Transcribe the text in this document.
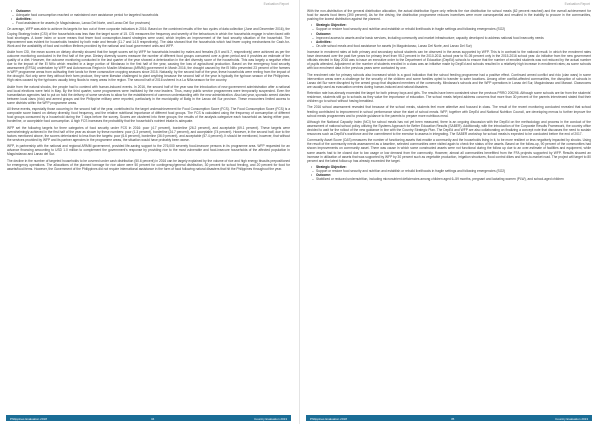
Evaluation Report
• Outcome:
– Adequate food consumption reached or maintained over assistance period for targeted households
• Activities:
– Food assistance for assets (in Maguindanao, Lanao Del Norte, and Lanao Del Sur provinces)

On average, WFP was able to achieve its targets for two out of three corporate indicators in 2016. Based on the combined results of the two cycles of data collection (June and December 2016), the Coping Strategy Index (CSI) of the households was less than the target score of 15. CSI measures the frequency and severity of the behaviours in which the households engage in when faced with food shortages. A lower index or score means that fewer food consumption-based strategies were used, which implies an improvement of the food security situation of the household. The improvement was evident for households headed by both male and female (11.7 and 14.5 respectively). The data showed that the households which had fewer coping mechanisms for Cash-for-Work and the availability of food and nutrition lifelines provided by the national and local government units and WFP.

Aside from CSI, the mean scores on dietary diversity showed that the target scores set by WFP for households headed by males and females (5.9 and 5.7, respectively) were achieved as per the outcome monitoring conducted in the first half of the year. Dietary diversity scores measure the number of different food groups consumed over a given period and it provides an estimate of the quality of a diet. However, the outcome monitoring conducted in the last quarter of the year showed a deterioration in the diet diversity score of the households. This was largely a negative effect due to the impact of the El Niño which resulted in a large portion of Mindanao in the first half of the year, causing the loss of agricultural production. Based on the emergency food security assessment (EFSA) undertaken by WFP and Autonomous Region in Muslim Mindanao (ARMM) government in March 2016, the drought caused by the El Niño prevented 23 percent of the farmers in WFP programme areas from cultivating their lands for three consecutive cropping seasons since 2015. Naturally, by the second half of the year, these households were reeling from the impact of the drought. Not only were they without their farm produce, they were likewise challenged to plant anything because the second half of the year is typically the typhoon season of the Philippines. High rains caused by the typhoons usually bring floods to many areas in the region. The second half of 2016 ushered in a La Niña season for the country.

Aside from the natural shocks, the people had to contend with human-induced events. In 2016, the second half of the year saw the introduction of new government administration after a national and local elections were held in May. By the third quarter, some programmes were instituted by the new leaders. Thus, many public service programmes were temporarily suspended. Even the humanitarian agencies had to put on hold the delivery of some services to allow for the establishment of common understanding with the new administration. Also last year, sporadic armed clashes between local clans (rido) and armed groups and the Philippine military were reported, particularly in the municipality of Butig in the Lanao del Sur province. These encounters limited access to some districts within the WFP programme areas.

All these events, especially those occurring in the second half of the year, contributed to the target underachievement for Food Consumption Score (FCS). The Food Consumption Score (FCS) is a composite score based on dietary diversity, food frequency, and the relative nutritional importance of different food groups. The FCS is calculated using the frequency of consumption of different food groups consumed by a household during the 7 days before the survey. Scores are clustered into three groups; the results of the analysis categorize each household as having either poor, borderline, or acceptable food consumption. A high FCS increases the probability that the household's nutrient intake is adequate.

WFP set the following targets for three categories of food security under FCS in 2016: poor (4.7 percent), borderline (26.2 percent), and acceptable (69.1 percent). These targets were overwhelmingly achieved in the first half of the year as shown by these numbers: poor (1.3 percent), borderline (24.7 percent), and acceptable (74 percent). However, in the second half, due to the factors mentioned above, the scores deteriorated to less than the targets: poor (6.6 percent), borderline (36.9 percent), and acceptable (57.4 percent). It should be mentioned, however, that without the services provided by WFP and its partner agencies in the programme areas, the situation would have probably been worse.

WFP, in partnership with the national and regional ARMM government, provided life-saving support to the 276,000 severely food-insecure persons in its programme area. WFP requested for an advance financing amounting to USD 1.0 million to complement the government's response by providing rice to the most vulnerable and food-insecure households of the affected population in Maguindanao and Lanao del Sur.

The decline in the number of targeted households to be covered under cash distribution (50.6 percent) in 2016 can be largely explained by the volume of rice and high energy biscuits prepositioned for emergency operations. The allocations of the planned tonnage for rice alone were 50 percent for contingency/general distribution, 30 percent for school feeding, and 20 percent for food for assets/food items. However, the Government of the Philippines did not require international assistance in the form of food following natural disasters that hit the Philippines throughout the year.

Philippines Evaluation 2018	34	Country Evaluation 2013
Evaluation Report

With the non-distribution of the general distribution allocation, the actual distribution figure only reflects the rice distribution for school meals (62 percent reached) and the overall achievement for food for assets food items (390 percent). As for the driving, the distribution programme reduces incentives were more consequential and resulted in the inability to procure in the communities, pushing the lowest distribution against the planned.

• Strategic Objective:
– Support or restore food security and nutrition and establish or rebuild livelihoods in fragile settings and following emergencies (SO2)
• Outcome:
– Improved access to assets and/or basic services, including community and market infrastructure; capacity developed to address national food insecurity needs
• Activities:
– On-site school meals and food assistance for assets (in Maguindanao, Lanao Del Norte, and Lanao Del Sur)

Increase in enrolment rates at both primary and secondary school students can be observed in the areas supported by WFP. This is in contrast to the national result. In which the enrolment rates have decreased over the past five years for primary level from 95.2 percent in the 2010-2011 school year to 91.05 percent only in the 2015-2016 school year. An initiative from the new government officials elected in May 2016 was to issue an executive order to the Department of Education (DepEd) schools to ensure that the number of enrolled students was not reduced by the actual number of pupils attended. Adjustment on the number of students enrolled in a class was an initiative made by DepEd and schools resulted in a relatively high increase in enrollment rates; as some schools with low enrolment data in the previous years were contacted by one.

The enrolment rate for primary schools also increased which is a good indication that the school feeding programme had a positive effect. Continued armed conflict and rido (clan wars) in some intervention areas were a challenge for the security of the children and some families opted to transfer to safer locations. Among other conflict-affected communities, the disruption of schools in Lanao del Sur were disrupted by the armed group that displaced members of the community. Mindanao's schools and the WFP operations in Lanao del Sur, Maguindanao and Marawi. Classrooms are usually used as evacuation centres during human-induced and natural disasters.

Retention rate has already exceeded the target for both primary boys and girls. The results have been consistent since the previous PRRO 200296. Although some schools are far from the students' residence, students still go to schools as they value the importance of education. The school meals helped address concerns that more than 30 percent of the parents interviewed stated that their children go to school without having breakfast.

The 2016 school assessment revealed that because of the school meals, students feel more attentive and focused in class. The result of the recent monitoring conducted revealed that school feeding contributed to improvement in school performance since the start of school meals. WFP, together with DepEd and National Nutrition Council, are developing menus to further improve the school meals programmes and to provide guidance to the parents to prepare more nutritious meal.

Although the National Capacity Index (NCI) for school meals has not yet been measured, there is an ongoing discussion with the DepEd on the methodology and process in the conduct of the assessment of national school policy utilizing the Systems Approach for Better Education Results (SABER). Additionally, with the introduction of the Corporate Results Framework, the country office decided to wait for the rollout of the new guidance in line with the Country Strategic Plan. The DepEd and WFP are also collaborating on finalizing a concept note that discusses the need to sustain resources such as DepEd's workforce and the commitment to the exercise to assess in integrating. The SABER workshop for school meals is expected to be conducted before the end of 2017.

Community Asset Score (CAS) measures the number of functioning assets that enable a community and the households living in it, to be more resilient or less negatively impacted by shocks. Using the result of the community needs assessment as a baseline, selected communities were visited again to check the status of the assets. Based on the follow-up, 90 percent of the communities had shown improvements on community asset. There was cause in which some constructed assets were not functional during the follow up due to an over-estimate of facilities and equipment, while some assets had to be closed due to low usage or low demand from the community. However, almost all communities benefitted from the FFA projects supported by WFP. Results showed an increase in utilization of assets that was supported by WFP by 30 percent such as vegetable production, irrigation structures, flood control dikes and farm-to-market road. The project will target to 80 percent and the latest follow-up has already exceeded the target.

• Strategic Objective:
– Support or restore food security and nutrition and establish or rebuild livelihoods in fragile settings and following emergencies (SO2)
• Outcome:
– Stabilized or reduced undernutrition, including micronutrient deficiencies among children aged 6–59 months, pregnant and lactating women (PLW), and school-aged children
Philippines Evaluation 2018	35	Country Evaluation 2013
